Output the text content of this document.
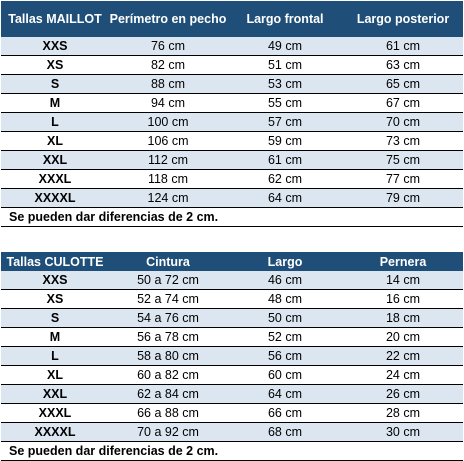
Tallas MAILLOT	Perímetro en pecho	Largo frontal	Largo posterior
XXS	76 cm	49 cm	61 cm
XS	82 cm	51 cm	63 cm
S	88 cm	53 cm	65 cm
M	94 cm	55 cm	67 cm
L	100 cm	57 cm	70 cm
XL	106 cm	59 cm	73 cm
XXL	112 cm	61 cm	75 cm
XXXL	118 cm	62 cm	77 cm
XXXXL	124 cm	64 cm	79 cm
Se pueden dar diferencias de 2 cm.			
Tallas CULOTTE	Cintura	Largo	Pernera
XXS	50 a 72 cm	46 cm	14 cm
XS	52 a 74 cm	48 cm	16 cm
S	54 a 76 cm	50 cm	18 cm
M	56 a 78 cm	52 cm	20 cm
L	58 a 80 cm	56 cm	22 cm
XL	60 a 82 cm	60 cm	24 cm
XXL	62 a 84 cm	64 cm	26 cm
XXXL	66 a 88 cm	66 cm	28 cm
XXXXL	70 a 92 cm	68 cm	30 cm
Se pueden dar diferencias de 2 cm.			
